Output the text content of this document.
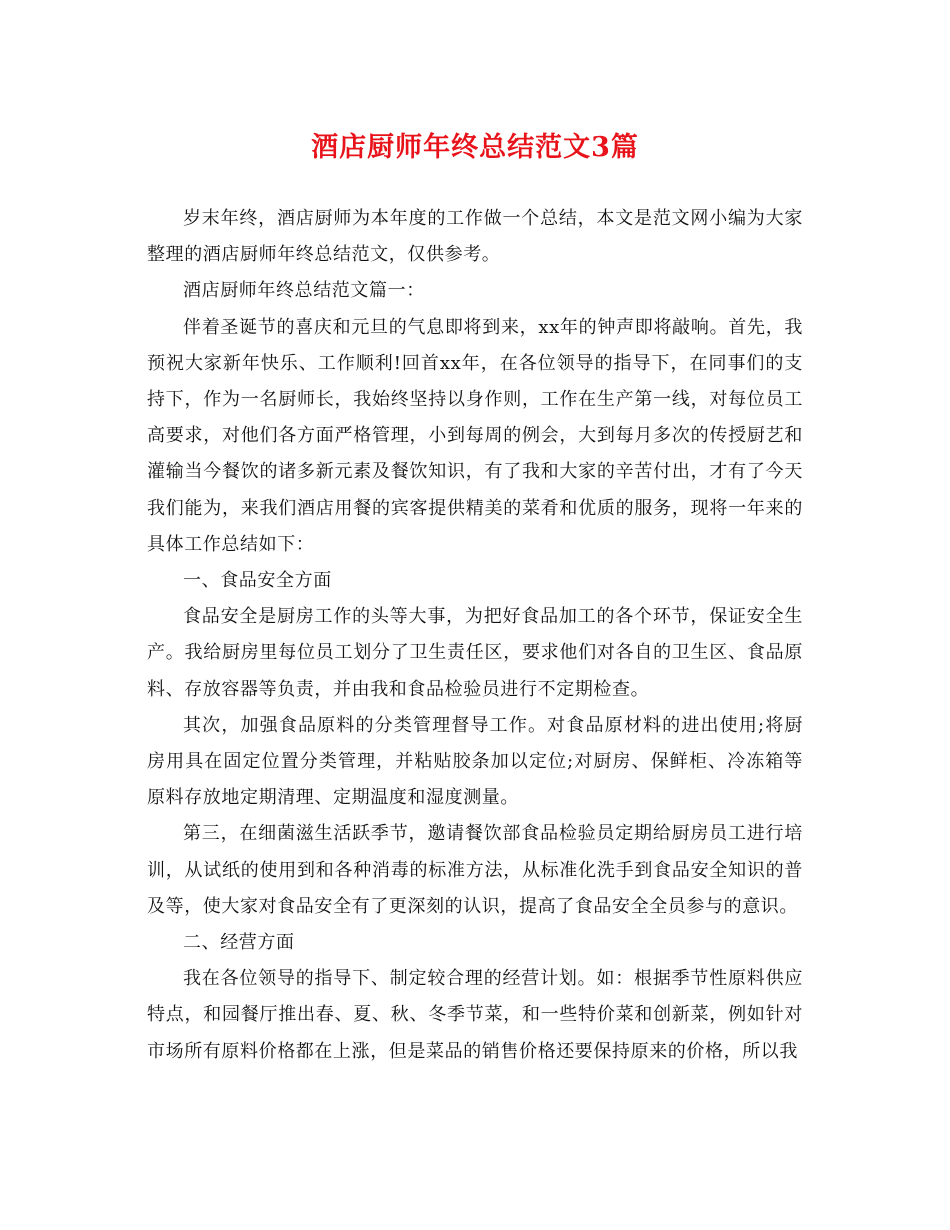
酒店厨师年终总结范文3篇

岁末年终，酒店厨师为本年度的工作做一个总结，本文是范文网小编为大家整理的酒店厨师年终总结范文，仅供参考。

酒店厨师年终总结范文篇一：

伴着圣诞节的喜庆和元旦的气息即将到来，xx年的钟声即将敲响。首先，我预祝大家新年快乐、工作顺利!回首xx年，在各位领导的指导下，在同事们的支持下，作为一名厨师长，我始终坚持以身作则，工作在生产第一线，对每位员工高要求，对他们各方面严格管理，小到每周的例会，大到每月多次的传授厨艺和灌输当今餐饮的诸多新元素及餐饮知识，有了我和大家的辛苦付出，才有了今天我们能为，来我们酒店用餐的宾客提供精美的菜肴和优质的服务，现将一年来的具体工作总结如下：

一、食品安全方面

食品安全是厨房工作的头等大事，为把好食品加工的各个环节，保证安全生产。我给厨房里每位员工划分了卫生责任区，要求他们对各自的卫生区、食品原料、存放容器等负责，并由我和食品检验员进行不定期检查。

其次，加强食品原料的分类管理督导工作。对食品原材料的进出使用;将厨房用具在固定位置分类管理，并粘贴胶条加以定位;对厨房、保鲜柜、冷冻箱等原料存放地定期清理、定期温度和湿度测量。

第三，在细菌滋生活跃季节，邀请餐饮部食品检验员定期给厨房员工进行培训，从试纸的使用到和各种消毒的标准方法，从标准化洗手到食品安全知识的普及等，使大家对食品安全有了更深刻的认识，提高了食品安全全员参与的意识。

二、经营方面

我在各位领导的指导下、制定较合理的经营计划。如：根据季节性原料供应特点，和园餐厅推出春、夏、秋、冬季节菜，和一些特价菜和创新菜，例如针对市场所有原料价格都在上涨，但是菜品的销售价格还要保持原来的价格，所以我
